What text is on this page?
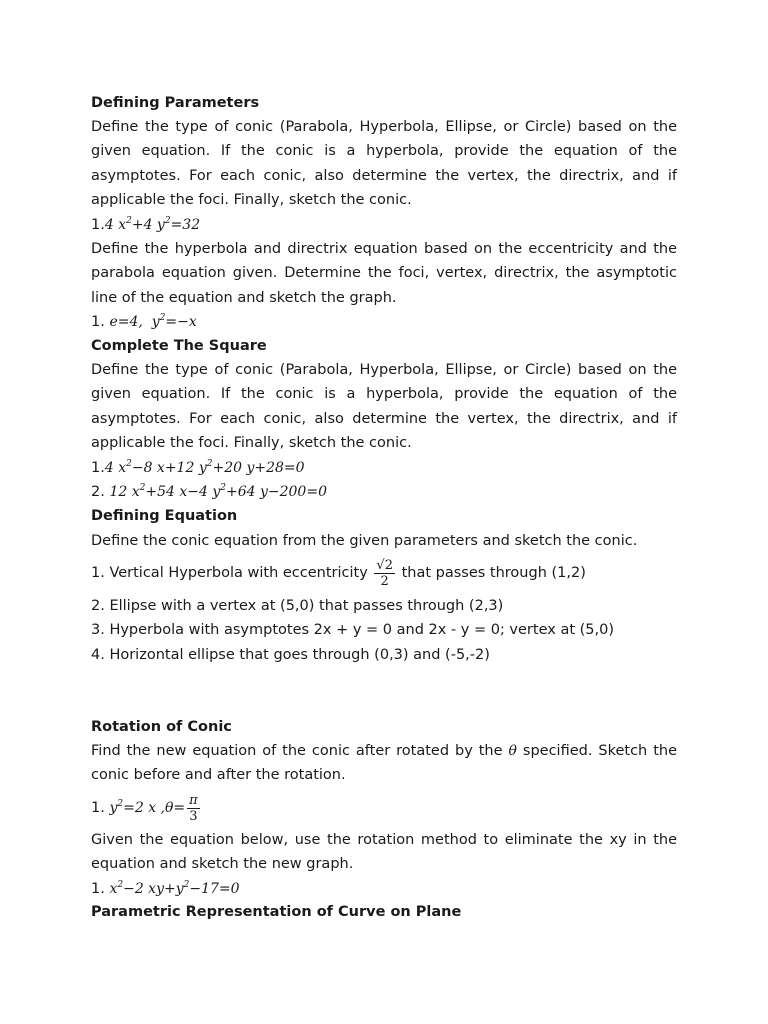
Defining Parameters
Define the type of conic (Parabola, Hyperbola, Ellipse, or Circle) based on the given equation. If the conic is a hyperbola, provide the equation of the asymptotes. For each conic, also determine the vertex, the directrix, and if applicable the foci. Finally, sketch the conic.
1.4 $x^2+4$ $y^2=32$
Define the hyperbola and directrix equation based on the eccentricity and the parabola equation given. Determine the foci, vertex, directrix, the asymptotic line of the equation and sketch the graph.
1. e=4, $y^2=-x$
Complete The Square
Define the type of conic (Parabola, Hyperbola, Ellipse, or Circle) based on the given equation. If the conic is a hyperbola, provide the equation of the asymptotes. For each conic, also determine the vertex, the directrix, and if applicable the foci. Finally, sketch the conic.
1.4 $x^2-8$ x+12 $y^2+20$ y+28=0
2. 12 $x^2+54$ x−4 $y^2+64$ y−200=0
Defining Equation
Define the conic equation from the given parameters and sketch the conic.
1. Vertical Hyperbola with eccentricity $\frac{√2}{2}$ that passes through (1,2)
2. Ellipse with a vertex at (5,0) that passes through (2,3)
3. Hyperbola with asymptotes 2x + y = 0 and 2x - y = 0; vertex at (5,0)
4. Horizontal ellipse that goes through (0,3) and (-5,-2)
Rotation of Conic
Find the new equation of the conic after rotated by the θ specified. Sketch the conic before and after the rotation.
1. $y^2=2$ x $,\theta= \frac{\pi}{3}$
Given the equation below, use the rotation method to eliminate the xy in the equation and sketch the new graph.
1. $x^2-2$ $xy+y^2-17=0$
Parametric Representation of Curve on Plane
